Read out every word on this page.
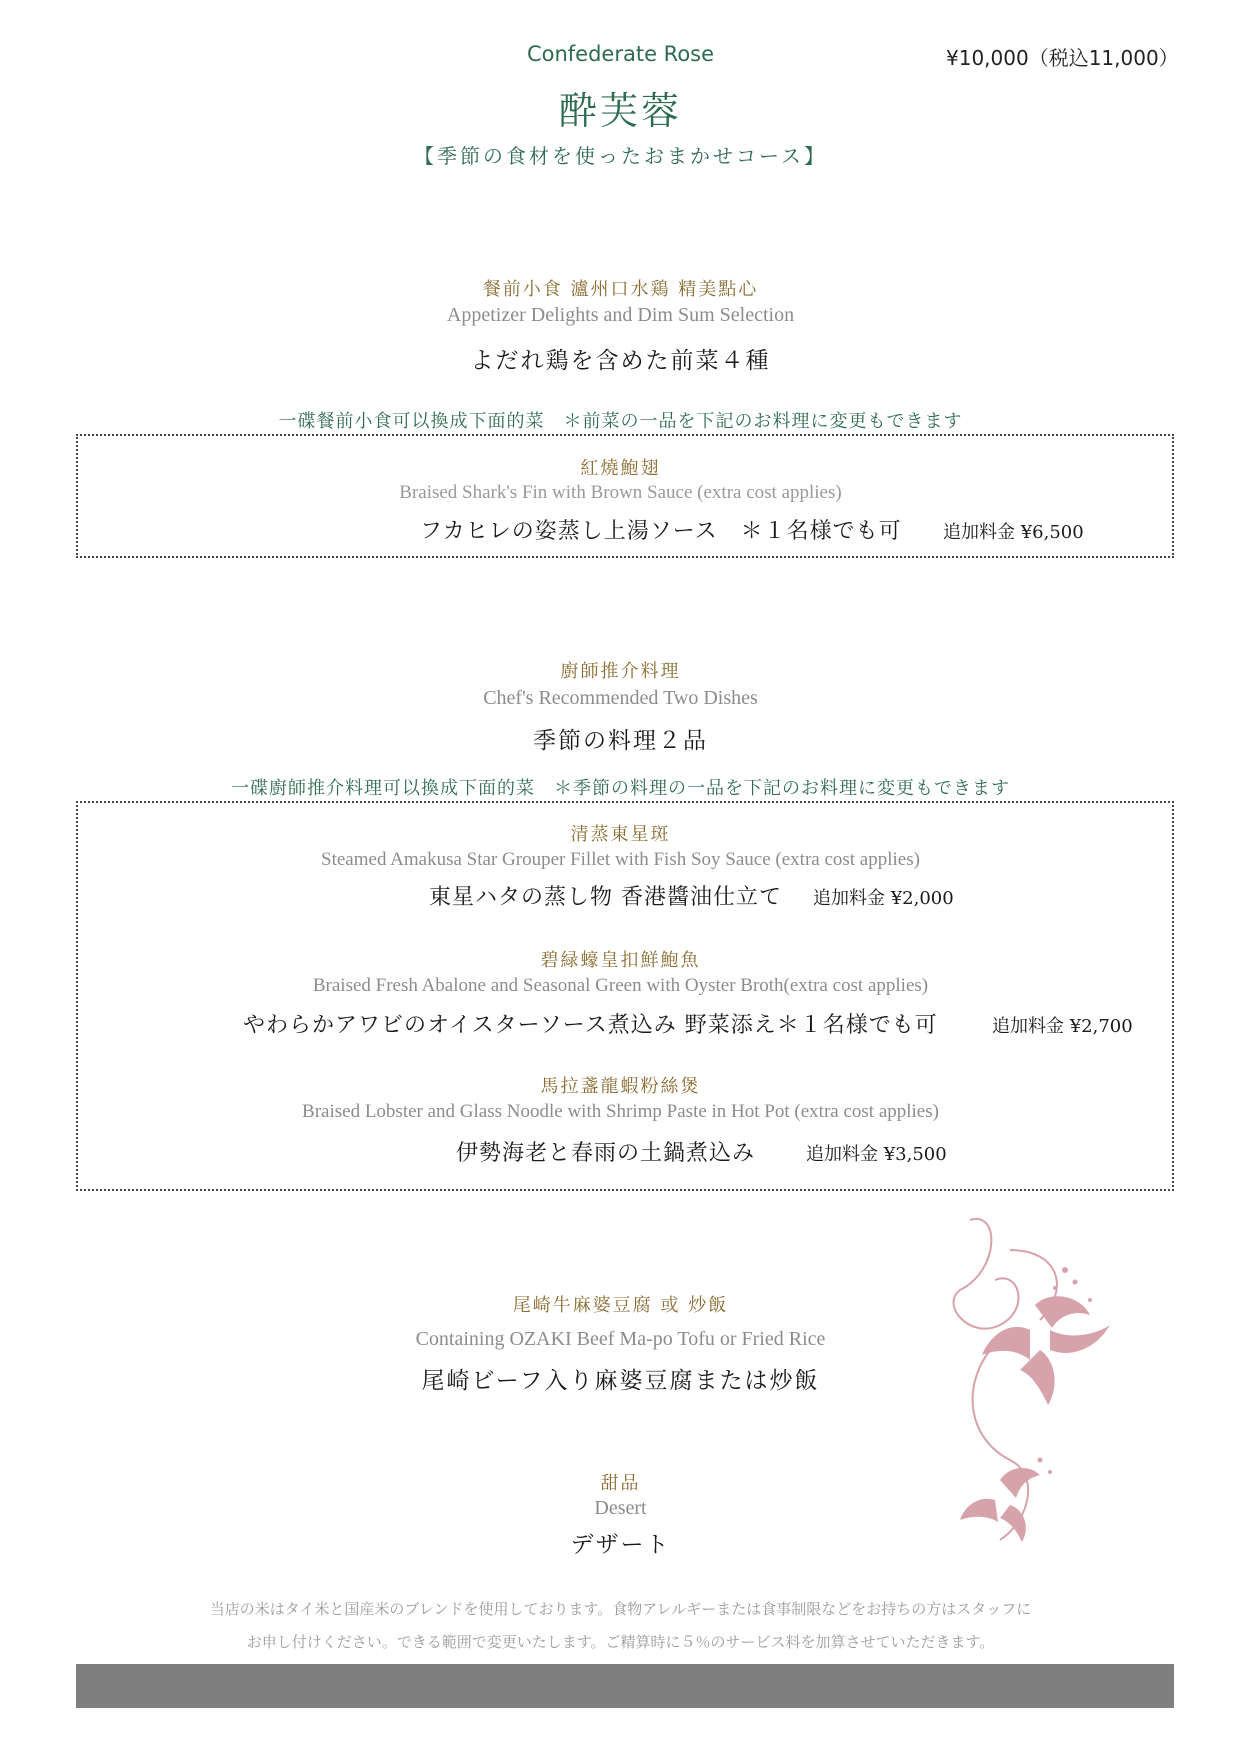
Confederate Rose	¥10,000（税込11,000）
酔芙蓉
【季節の食材を使ったおまかせコース】
餐前小食 瀘州口水鶏 精美點心
Appetizer Delights and Dim Sum Selection
よだれ鶏を含めた前菜４種
一碟餐前小食可以換成下面的菜　＊前菜の一品を下記のお料理に変更もできます
紅燒鮑翅
Braised Shark's Fin with Brown Sauce (extra cost applies)
フカヒレの姿蒸し上湯ソース　＊１名様でも可 追加料金 ¥6,500
廚師推介料理
Chef's Recommended Two Dishes
季節の料理２品
一碟廚師推介料理可以換成下面的菜　＊季節の料理の一品を下記のお料理に変更もできます
清蒸東星斑
Steamed Amakusa Star Grouper Fillet with Fish Soy Sauce (extra cost applies)
東星ハタの蒸し物 香港醬油仕立て 追加料金 ¥2,000
碧緑蠔皇扣鮮鮑魚
Braised Fresh Abalone and Seasonal Green with Oyster Broth(extra cost applies)
やわらかアワビのオイスターソース煮込み 野菜添え＊１名様でも可	追加料金 ¥2,700
馬拉盞龍蝦粉絲煲
Braised Lobster and Glass Noodle with Shrimp Paste in Hot Pot (extra cost applies)
伊勢海老と春雨の土鍋煮込み	追加料金 ¥3,500
尾崎牛麻婆豆腐 或 炒飯
Containing OZAKI Beef Ma-po Tofu or Fried Rice
尾崎ビーフ入り麻婆豆腐または炒飯
甜品
Desert
デザート
当店の米はタイ米と国産米のブレンドを使用しております。食物アレルギーまたは食事制限などをお持ちの方はスタッフに
お申し付けください。できる範囲で変更いたします。ご精算時に５％のサービス料を加算させていただきます。
